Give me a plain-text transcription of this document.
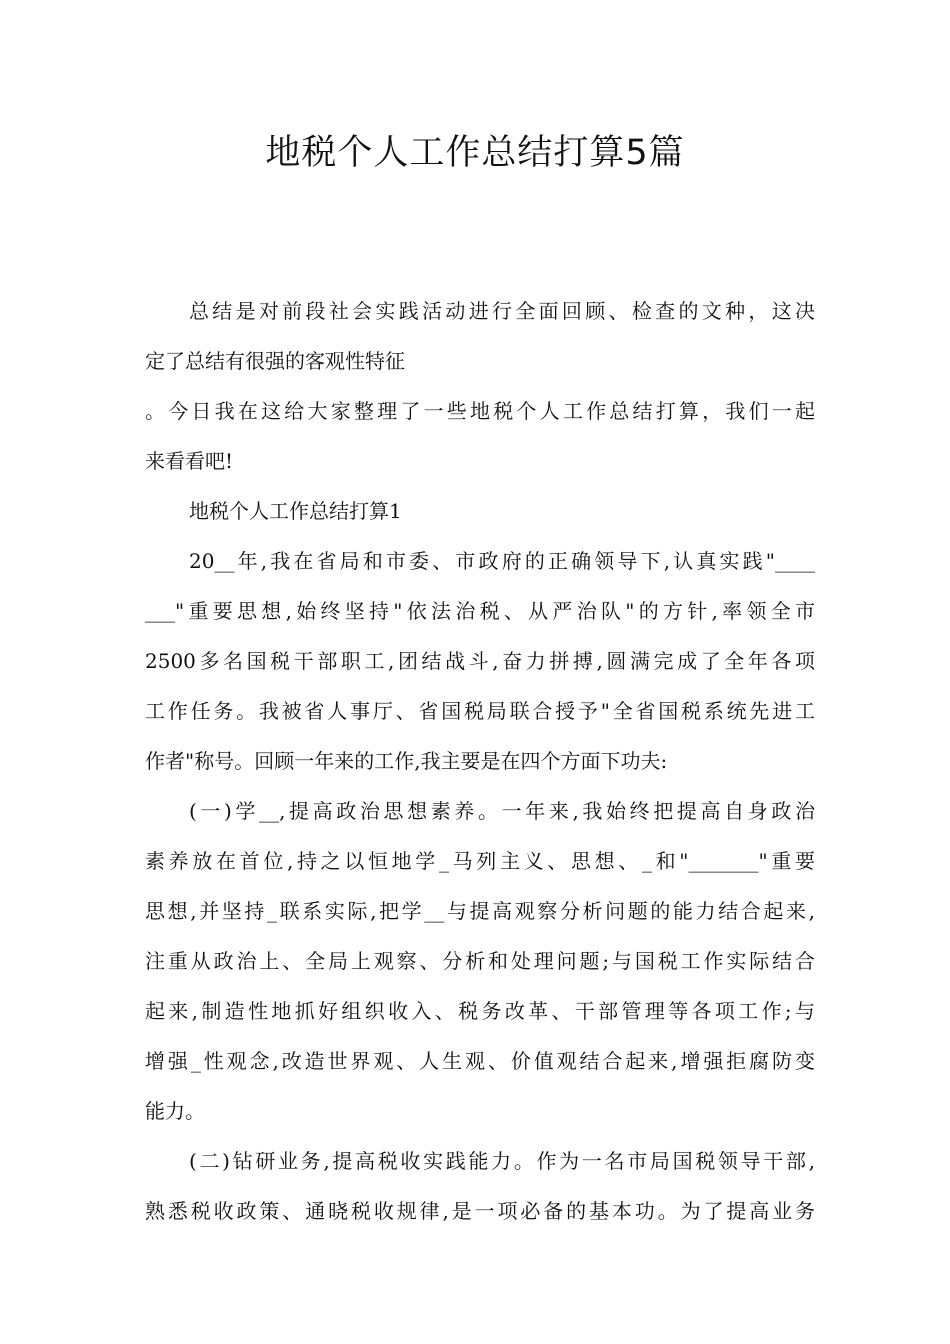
地税个人工作总结打算5篇
总结是对前段社会实践活动进行全面回顾、检查的文种，这决
定了总结有很强的客观性特征
。今日我在这给大家整理了一些地税个人工作总结打算，我们一起
来看看吧!
地税个人工作总结打算1
20__年,我在省局和市委、市政府的正确领导下,认真实践"____
___"重要思想,始终坚持"依法治税、从严治队"的方针,率领全市
2500多名国税干部职工,团结战斗,奋力拼搏,圆满完成了全年各项
工作任务。我被省人事厅、省国税局联合授予"全省国税系统先进工
作者"称号。回顾一年来的工作,我主要是在四个方面下功夫:
(一)学__,提高政治思想素养。一年来,我始终把提高自身政治
素养放在首位,持之以恒地学_马列主义、思想、_和"_______"重要
思想,并坚持_联系实际,把学__与提高观察分析问题的能力结合起来,
注重从政治上、全局上观察、分析和处理问题;与国税工作实际结合
起来,制造性地抓好组织收入、税务改革、干部管理等各项工作;与
增强_性观念,改造世界观、人生观、价值观结合起来,增强拒腐防变
能力。
(二)钻研业务,提高税收实践能力。作为一名市局国税领导干部,
熟悉税收政策、通晓税收规律,是一项必备的基本功。为了提高业务
